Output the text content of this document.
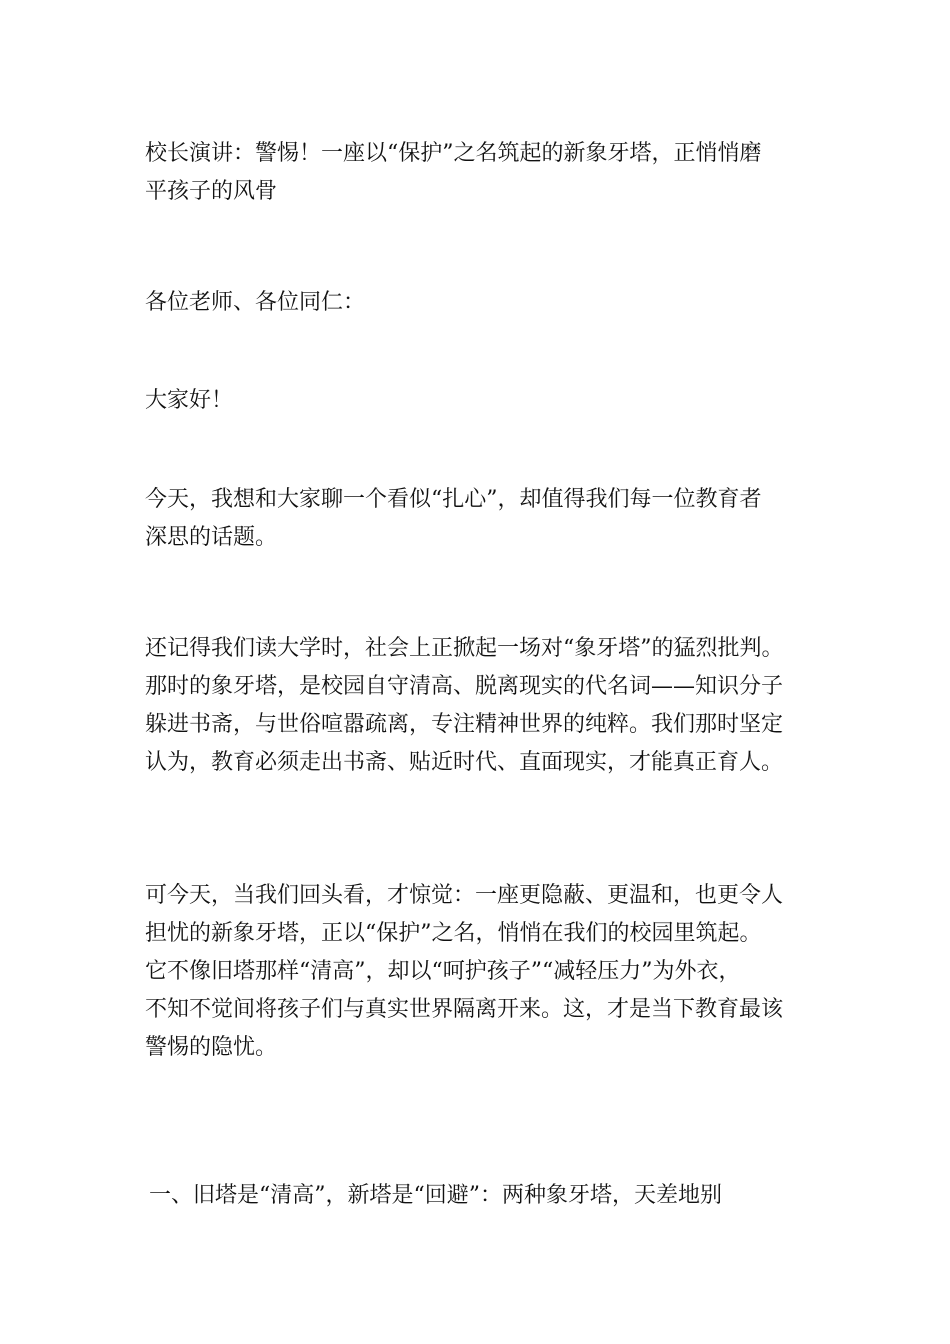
校长演讲：警惕！一座以“保护”之名筑起的新象牙塔，正悄悄磨
平孩子的风骨

各位老师、各位同仁：

大家好！

今天，我想和大家聊一个看似“扎心”，却值得我们每一位教育者
深思的话题。

还记得我们读大学时，社会上正掀起一场对“象牙塔”的猛烈批判。
那时的象牙塔，是校园自守清高、脱离现实的代名词——知识分子
躲进书斋，与世俗喧嚣疏离，专注精神世界的纯粹。我们那时坚定
认为，教育必须走出书斋、贴近时代、直面现实，才能真正育人。

可今天，当我们回头看，才惊觉：一座更隐蔽、更温和，也更令人
担忧的新象牙塔，正以“保护”之名，悄悄在我们的校园里筑起。
它不像旧塔那样“清高”，却以“呵护孩子”“减轻压力”为外衣，
不知不觉间将孩子们与真实世界隔离开来。这，才是当下教育最该
警惕的隐忧。

一、旧塔是“清高”，新塔是“回避”：两种象牙塔，天差地别
